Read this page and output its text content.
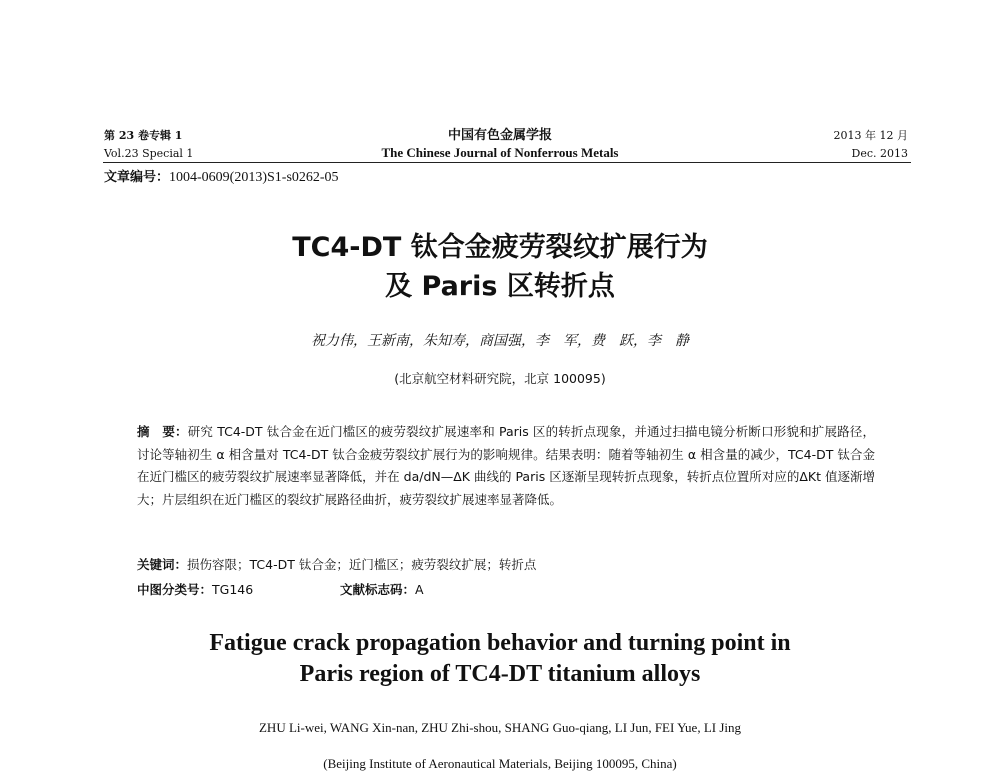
第 23 卷专辑 1
Vol.23 Special 1
中国有色金属学报
The Chinese Journal of Nonferrous Metals
2013 年 12 月
Dec. 2013
文章编号：1004-0609(2013)S1-s0262-05
TC4-DT 钛合金疲劳裂纹扩展行为
及 Paris 区转折点
祝力伟，王新南，朱知寿，商国强，李　军，费　跃，李　静
(北京航空材料研究院，北京 100095)
摘　要：研究 TC4-DT 钛合金在近门槛区的疲劳裂纹扩展速率和 Paris 区的转折点现象，并通过扫描电镜分析断口形貌和扩展路径，讨论等轴初生 α 相含量对 TC4-DT 钛合金疲劳裂纹扩展行为的影响规律。结果表明：随着等轴初生 α 相含量的减少，TC4-DT 钛合金在近门槛区的疲劳裂纹扩展速率显著降低，并在 da/dN—ΔK 曲线的 Paris 区逐渐呈现转折点现象，转折点位置所对应的ΔKt 值逐渐增大；片层组织在近门槛区的裂纹扩展路径曲折，疲劳裂纹扩展速率显著降低。
关键词：损伤容限；TC4-DT 钛合金；近门槛区；疲劳裂纹扩展；转折点
中图分类号：TG146	文献标志码：A
Fatigue crack propagation behavior and turning point in
Paris region of TC4-DT titanium alloys
ZHU Li-wei, WANG Xin-nan, ZHU Zhi-shou, SHANG Guo-qiang, LI Jun, FEI Yue, LI Jing
(Beijing Institute of Aeronautical Materials, Beijing 100095, China)
